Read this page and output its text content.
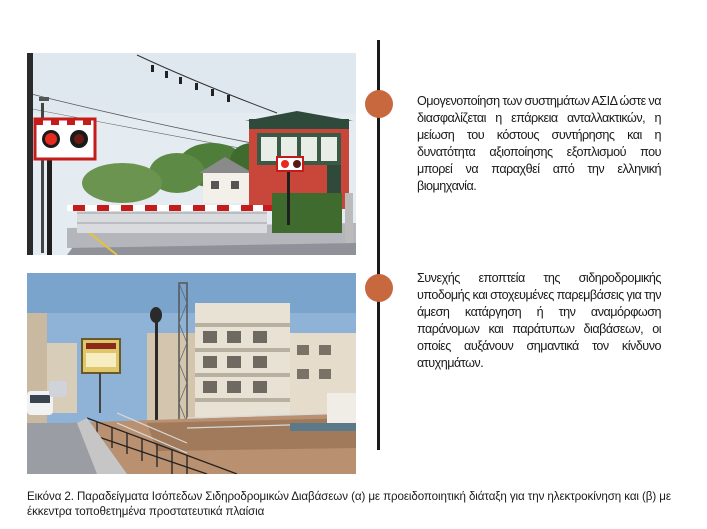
Ομογενοποίηση των συστημάτων ΑΣΙΔ ώστε να διασφαλίζεται η επάρκεια ανταλλακτικών, η μείωση του κόστους συντήρησης και η δυνατότητα αξιοποίησης εξοπλισμού που μπορεί να παραχθεί από την ελληνική βιομηχανία.
Συνεχής εποπτεία της σιδηροδρομικής υποδομής και στοχευμένες παρεμβάσεις για την άμεση κατάργηση ή την αναμόρφωση παράνομων και παράτυπων διαβάσεων, οι οποίες αυξάνουν σημαντικά τον κίνδυνο ατυχημάτων.
Εικόνα 2. Παραδείγματα Ισόπεδων Σιδηροδρομικών Διαβάσεων (α) με προειδοποιητική διάταξη για την ηλεκτροκίνηση και (β) με έκκεντρα τοποθετημένα προστατευτικά πλαίσια
